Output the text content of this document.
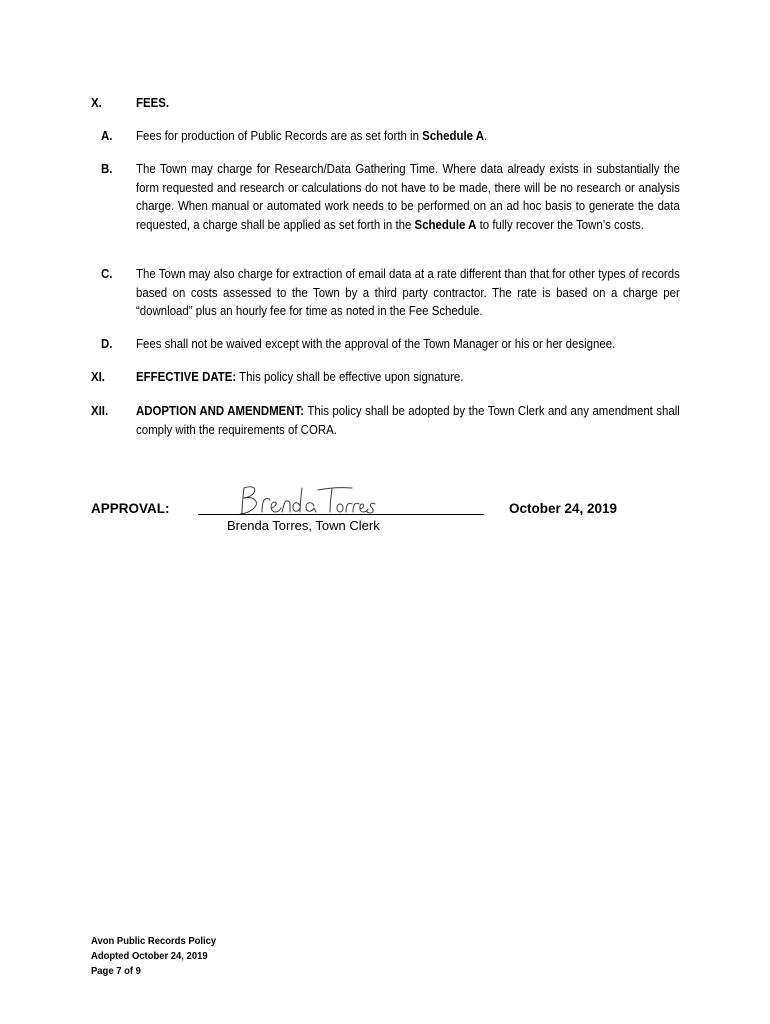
X.	FEES.
A. Fees for production of Public Records are as set forth in Schedule A.
B. The Town may charge for Research/Data Gathering Time. Where data already exists in substantially the form requested and research or calculations do not have to be made, there will be no research or analysis charge. When manual or automated work needs to be performed on an ad hoc basis to generate the data requested, a charge shall be applied as set forth in the Schedule A to fully recover the Town’s costs.
C. The Town may also charge for extraction of email data at a rate different than that for other types of records based on costs assessed to the Town by a third party contractor. The rate is based on a charge per “download” plus an hourly fee for time as noted in the Fee Schedule.
D. Fees shall not be waived except with the approval of the Town Manager or his or her designee.
XI. EFFECTIVE DATE: This policy shall be effective upon signature.
XII. ADOPTION AND AMENDMENT: This policy shall be adopted by the Town Clerk and any amendment shall comply with the requirements of CORA.
APPROVAL:
Brenda Torres, Town Clerk
October 24, 2019
Avon Public Records Policy
Adopted October 24, 2019
Page 7 of 9
